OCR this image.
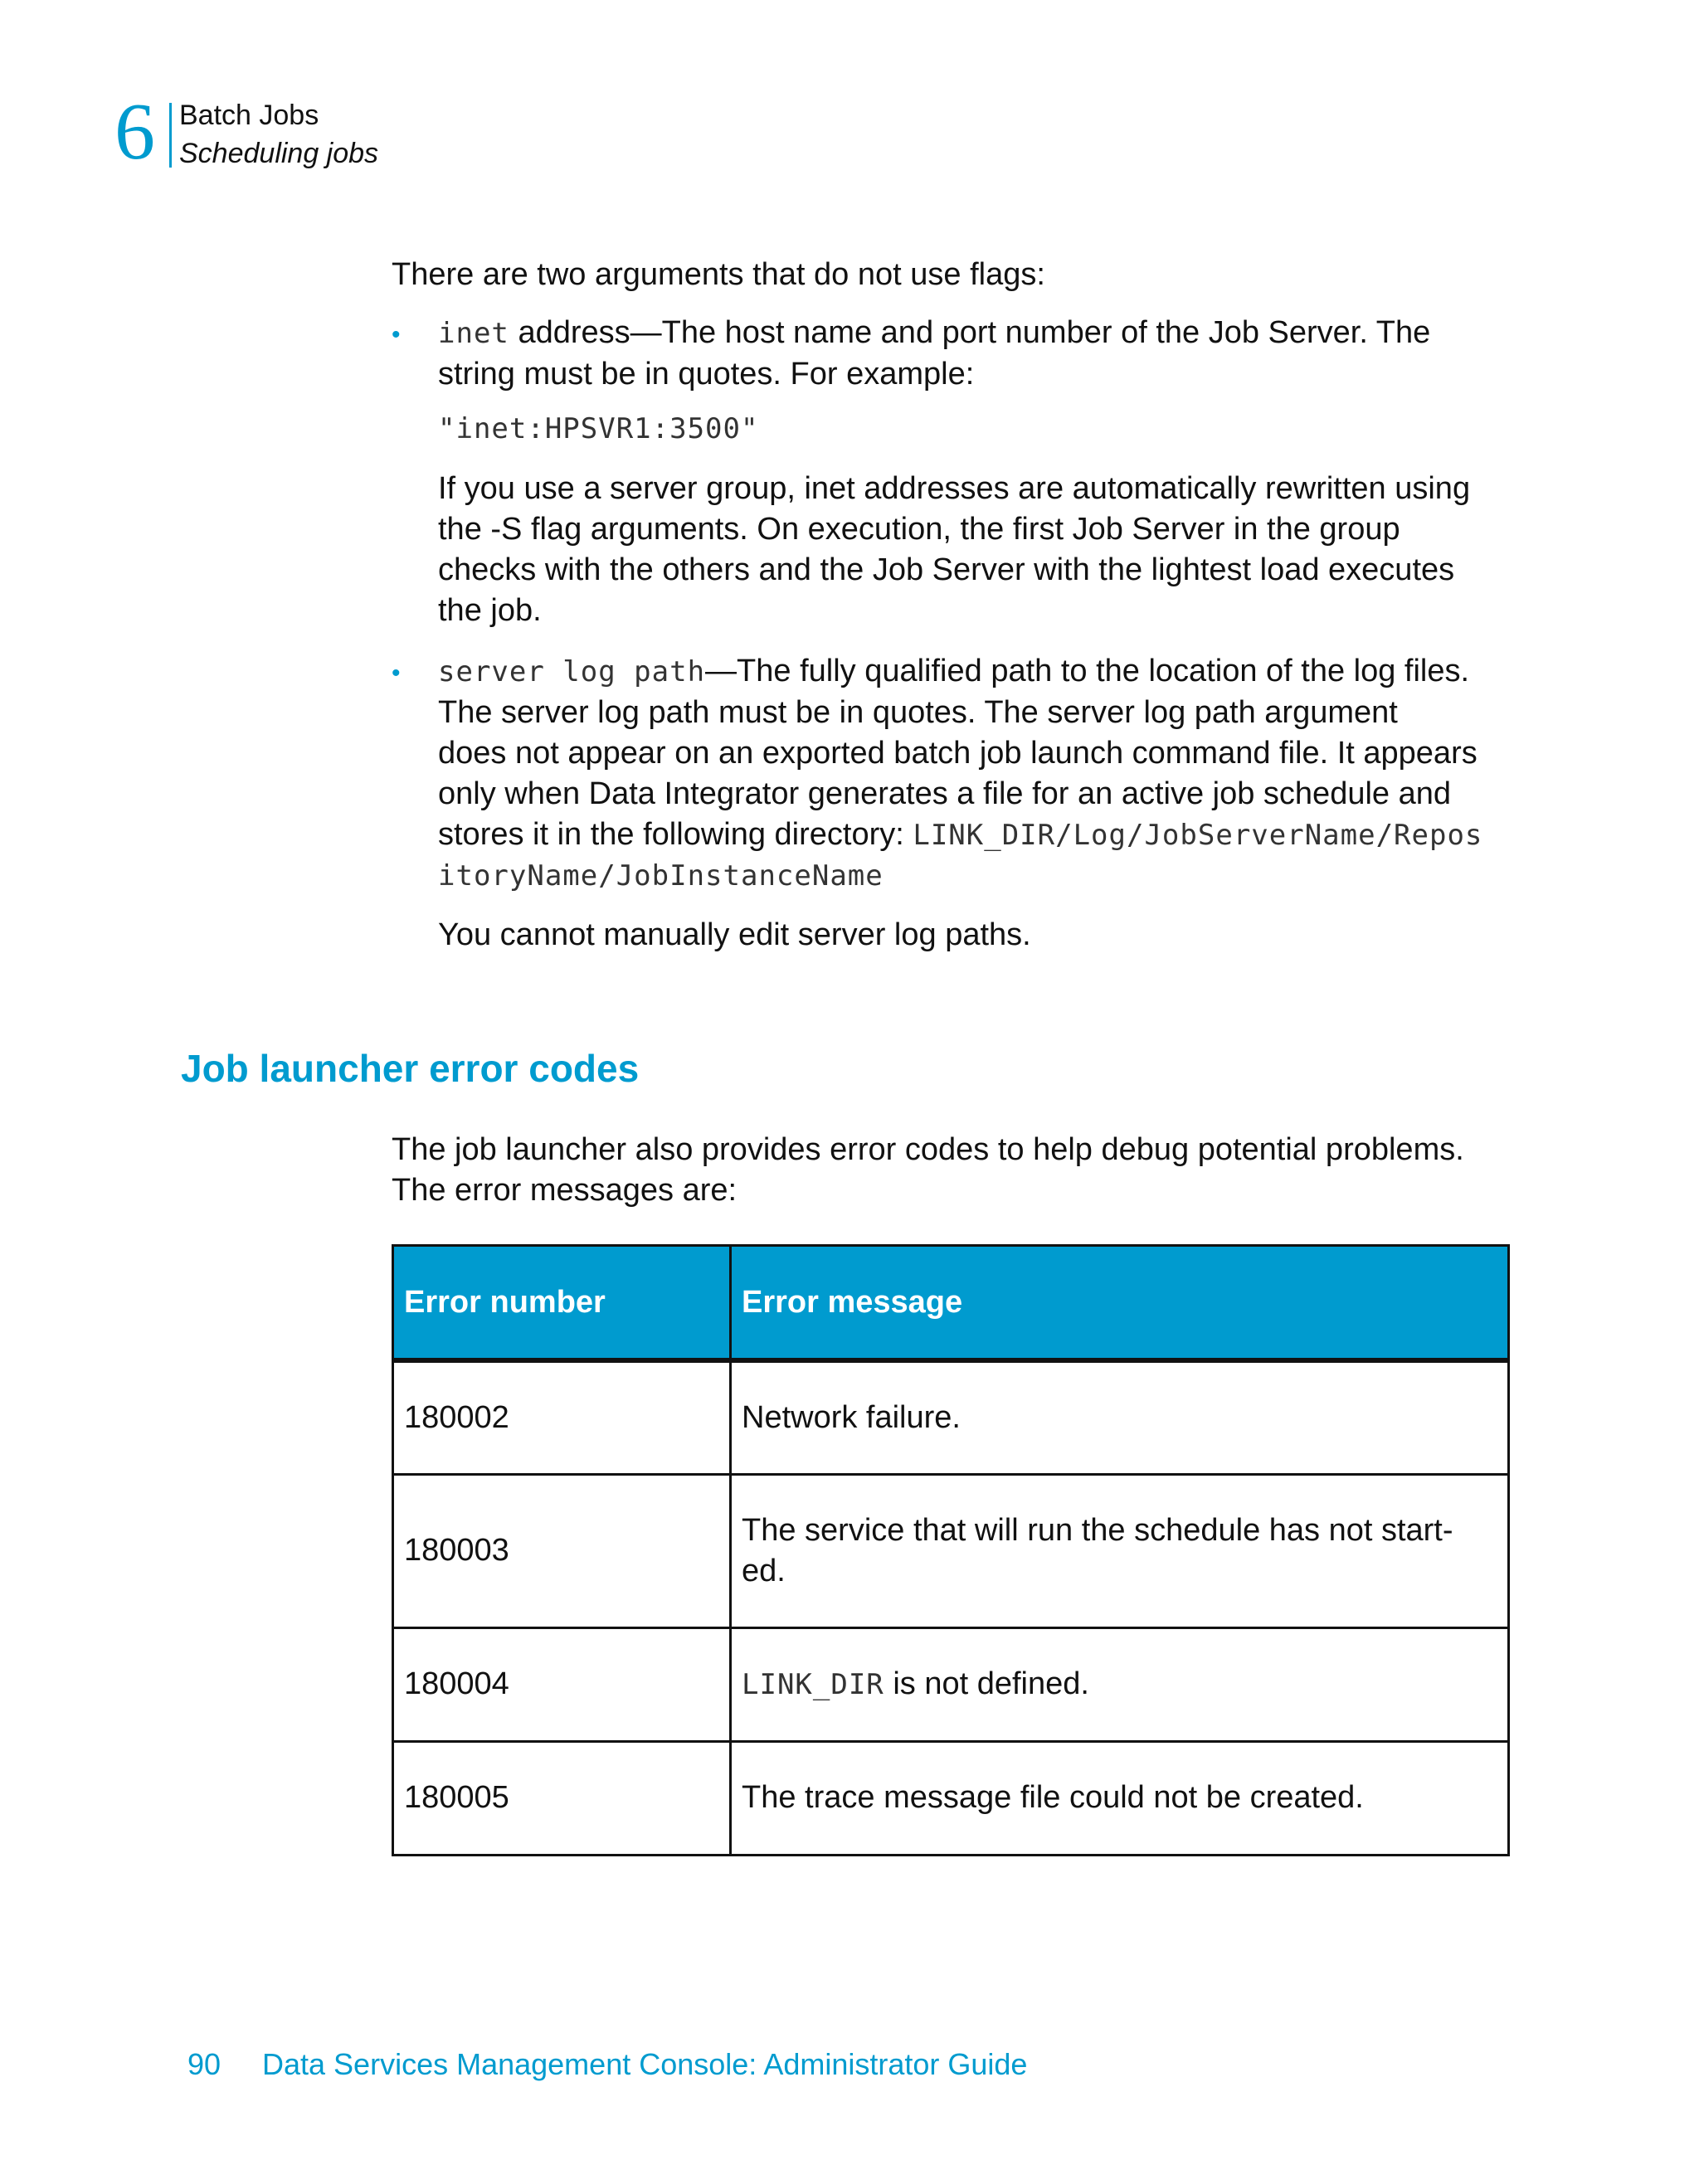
6 Batch Jobs
Scheduling jobs

There are two arguments that do not use flags:

• inet address—The host name and port number of the Job Server. The
string must be in quotes. For example:
"inet:HPSVR1:3500"
If you use a server group, inet addresses are automatically rewritten using
the -S flag arguments. On execution, the first Job Server in the group
checks with the others and the Job Server with the lightest load executes
the job.
• server log path—The fully qualified path to the location of the log files.
The server log path must be in quotes. The server log path argument
does not appear on an exported batch job launch command file. It appears
only when Data Integrator generates a file for an active job schedule and
stores it in the following directory: LINK_DIR/Log/JobServerName/Repos
itoryName/JobInstanceName
You cannot manually edit server log paths.
Job launcher error codes
The job launcher also provides error codes to help debug potential problems.
The error messages are:
Error number	Error message
180002	Network failure.
180003	The service that will run the schedule has not start-
ed.

180004	LINK_DIR is not defined.
180005	The trace message file could not be created.
90 Data Services Management Console: Administrator Guide
